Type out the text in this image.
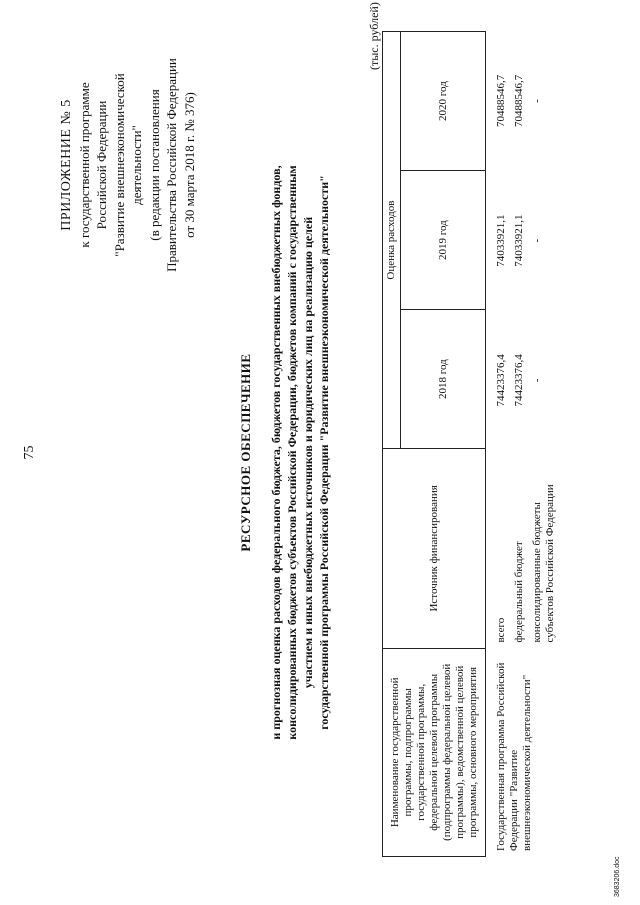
75
ПРИЛОЖЕНИЕ № 5 к государственной программе Российской Федерации "Развитие внешнеэкономической деятельности" (в редакции постановления Правительства Российской Федерации от 30 марта 2018 г. № 376)
РЕСУРСНОЕ ОБЕСПЕЧЕНИЕ и прогнозная оценка расходов федерального бюджета, бюджетов государственных внебюджетных фондов, консолидированных бюджетов субъектов Российской Федерации, бюджетов компаний с государственным участием и иных внебюджетных источников и юридических лиц на реализацию целей государственной программы Российской Федерации "Развитие внешнеэкономической деятельности"
(тыс. рублей)
Наименование государственной программы, подпрограммы государственной программы, федеральной целевой программы (подпрограммы федеральной целевой программы), ведомственной целевой программы, основного мероприятия	Источник финансирования	Оценка расходов		
		2018 год	2019 год	2020 год
Государственная программа Российской Федерации "Развитие внешнеэкономической деятельности"	всего	74423376,4	74033921,1	70488546,7
	федеральный бюджет	74423376,4	74033921,1	70488546,7
	консолидированные бюджеты субъектов Российской Федерации	-	-	-
3683206.doc
